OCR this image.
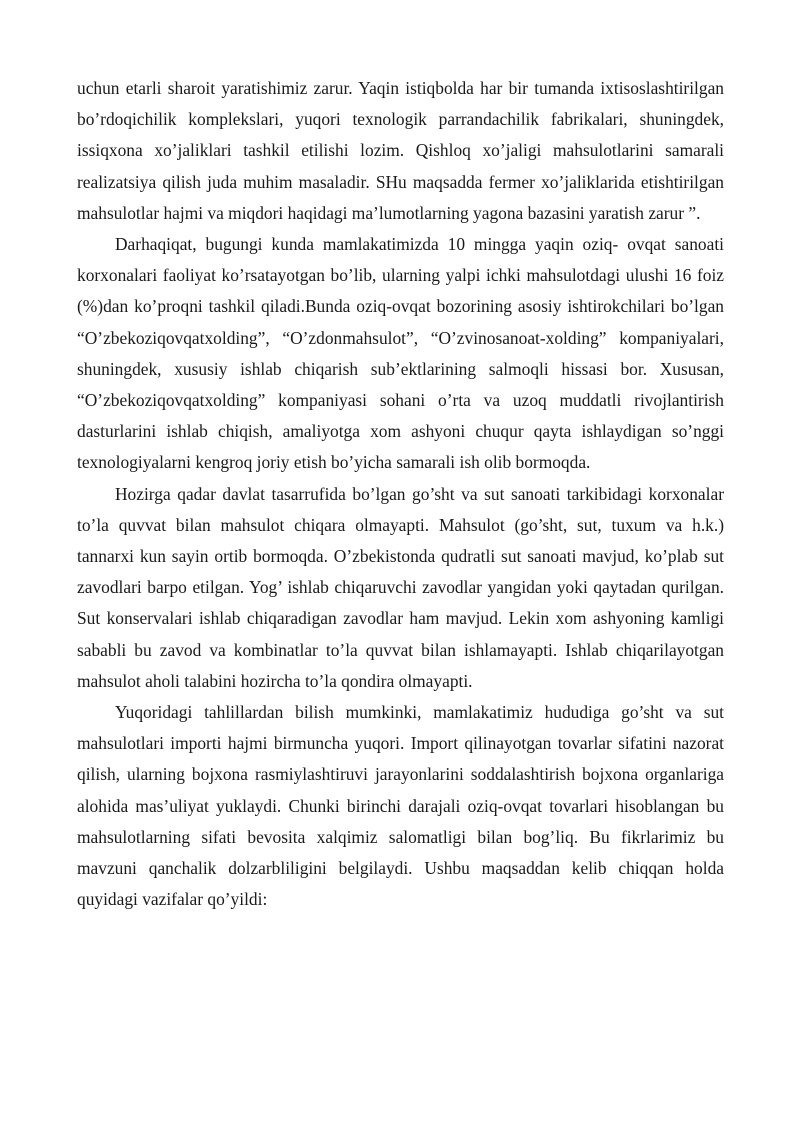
uchun etarli sharoit yaratishimiz zarur. Yaqin istiqbolda har bir tumanda ixtisoslashtirilgan bo’rdoqichilik komplekslari, yuqori texnologik parrandachilik fabrikalari, shuningdek, issiqxona xo’jaliklari tashkil etilishi lozim. Qishloq xo’jaligi mahsulotlarini samarali realizatsiya qilish juda muhim masaladir. SHu maqsadda fermer xo’jaliklarida etishtirilgan mahsulotlar hajmi va miqdori haqidagi ma’lumotlarning yagona bazasini yaratish zarur ”.

Darhaqiqat, bugungi kunda mamlakatimizda 10 mingga yaqin oziq- ovqat sanoati korxonalari faoliyat ko’rsatayotgan bo’lib, ularning yalpi ichki mahsulotdagi ulushi 16 foiz (%)dan ko’proqni tashkil qiladi.Bunda oziq-ovqat bozorining asosiy ishtirokchilari bo’lgan “O’zbekoziqovqatxolding”, “O’zdonmahsulot”, “O’zvinosanoat-xolding” kompaniyalari, shuningdek, xususiy ishlab chiqarish sub’ektlarining salmoqli hissasi bor. Xususan, “O’zbekoziqovqatxolding” kompaniyasi sohani o’rta va uzoq muddatli rivojlantirish dasturlarini ishlab chiqish, amaliyotga xom ashyoni chuqur qayta ishlaydigan so’nggi texnologiyalarni kengroq joriy etish bo’yicha samarali ish olib bormoqda.

Hozirga qadar davlat tasarrufida bo’lgan go’sht va sut sanoati tarkibidagi korxonalar to’la quvvat bilan mahsulot chiqara olmayapti. Mahsulot (go’sht, sut, tuxum va h.k.) tannarxi kun sayin ortib bormoqda. O’zbekistonda qudratli sut sanoati mavjud, ko’plab sut zavodlari barpo etilgan. Yog’ ishlab chiqaruvchi zavodlar yangidan yoki qaytadan qurilgan. Sut konservalari ishlab chiqaradigan zavodlar ham mavjud. Lekin xom ashyoning kamligi sababli bu zavod va kombinatlar to’la quvvat bilan ishlamayapti. Ishlab chiqarilayotgan mahsulot aholi talabini hozircha to’la qondira olmayapti.

Yuqoridagi tahlillardan bilish mumkinki, mamlakatimiz hududiga go’sht va sut mahsulotlari importi hajmi birmuncha yuqori. Import qilinayotgan tovarlar sifatini nazorat qilish, ularning bojxona rasmiylashtiruvi jarayonlarini soddalashtirish bojxona organlariga alohida mas’uliyat yuklaydi. Chunki birinchi darajali oziq-ovqat tovarlari hisoblangan bu mahsulotlarning sifati bevosita xalqimiz salomatligi bilan bog’liq. Bu fikrlarimiz bu mavzuni qanchalik dolzarbliligini belgilaydi. Ushbu maqsaddan kelib chiqqan holda quyidagi vazifalar qo’yildi:
